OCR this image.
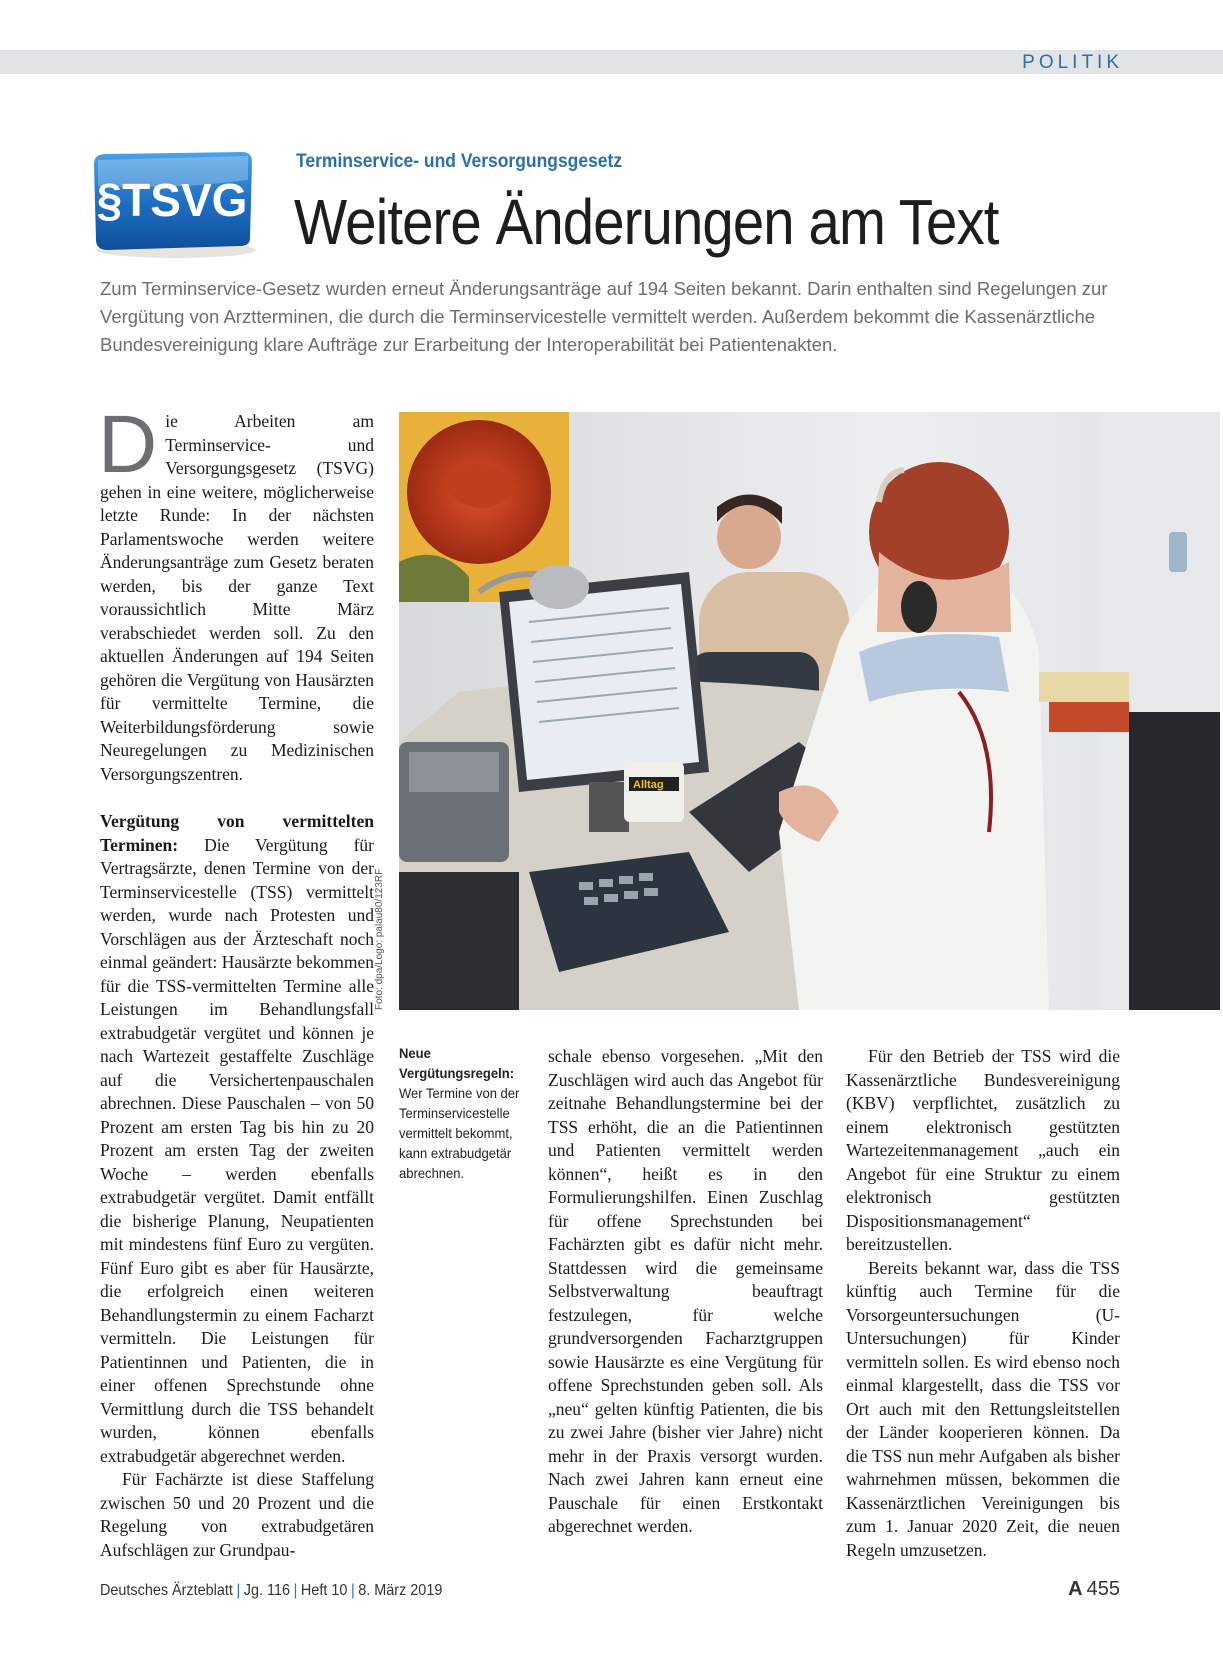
POLITIK
§TSVG
Terminservice- und Versorgungsgesetz
Weitere Änderungen am Text
Zum Terminservice-Gesetz wurden erneut Änderungsanträge auf 194 Seiten bekannt. Darin enthalten sind Regelungen zur Vergütung von Arztterminen, die durch die Terminservicestelle vermittelt werden. Außerdem bekommt die Kassenärztliche Bundesvereinigung klare Aufträge zur Erarbeitung der Interoperabilität bei Patientenakten.

Die Arbeiten am Terminservice- und Versorgungsgesetz (TSVG) gehen in eine weitere, möglicherweise letzte Runde: In der nächsten Parlamentswoche werden weitere Änderungsanträge zum Gesetz beraten werden, bis der ganze Text voraussichtlich Mitte März verabschiedet werden soll. Zu den aktuellen Änderungen auf 194 Seiten gehören die Vergütung von Hausärzten für vermittelte Termine, die Weiterbildungsförderung sowie Neuregelungen zu Medizinischen Versorgungszentren.

Vergütung von vermittelten Terminen: Die Vergütung für Vertragsärzte, denen Termine von der Terminservicestelle (TSS) vermittelt werden, wurde nach Protesten und Vorschlägen aus der Ärzteschaft noch einmal geändert: Hausärzte bekommen für die TSS-vermittelten Termine alle Leistungen im Behandlungsfall extrabudgetär vergütet und können je nach Wartezeit gestaffelte Zuschläge auf die Versichertenpauschalen abrechnen. Diese Pauschalen – von 50 Prozent am ersten Tag bis hin zu 20 Prozent am ersten Tag der zweiten Woche – werden ebenfalls extrabudgetär vergütet. Damit entfällt die bisherige Planung, Neupatienten mit mindestens fünf Euro zu vergüten. Fünf Euro gibt es aber für Hausärzte, die erfolgreich einen weiteren Behandlungstermin zu einem Facharzt vermitteln. Die Leistungen für Patientinnen und Patienten, die in einer offenen Sprechstunde ohne Vermittlung durch die TSS behandelt wurden, können ebenfalls extrabudgetär abgerechnet werden.

Für Fachärzte ist diese Staffelung zwischen 50 und 20 Prozent und die Regelung von extrabudgetären Aufschlägen zur Grundpau-

Alltag
Foto: dpa/Logo: palau80/123RF
Neue Vergütungsregeln: Wer Termine von der Terminservicestelle vermittelt bekommt, kann extrabudgetär abrechnen.

schale ebenso vorgesehen. „Mit den Zuschlägen wird auch das Angebot für zeitnahe Behandlungstermine bei der TSS erhöht, die an die Patientinnen und Patienten vermittelt werden können“, heißt es in den Formulierungshilfen. Einen Zuschlag für offene Sprechstunden bei Fachärzten gibt es dafür nicht mehr. Stattdessen wird die gemeinsame Selbstverwaltung beauftragt festzulegen, für welche grundversorgenden Facharztgruppen sowie Hausärzte es eine Vergütung für offene Sprechstunden geben soll. Als „neu“ gelten künftig Patienten, die bis zu zwei Jahre (bisher vier Jahre) nicht mehr in der Praxis versorgt wurden. Nach zwei Jahren kann erneut eine Pauschale für einen Erstkontakt abgerechnet werden.

Für den Betrieb der TSS wird die Kassenärztliche Bundesvereinigung (KBV) verpflichtet, zusätzlich zu einem elektronisch gestützten Wartezeitenmanagement „auch ein Angebot für eine Struktur zu einem elektronisch gestützten Dispositionsmanagement“ bereitzustellen.

Bereits bekannt war, dass die TSS künftig auch Termine für die Vorsorgeuntersuchungen (U-Untersuchungen) für Kinder vermitteln sollen. Es wird ebenso noch einmal klargestellt, dass die TSS vor Ort auch mit den Rettungsleitstellen der Länder kooperieren können. Da die TSS nun mehr Aufgaben als bisher wahrnehmen müssen, bekommen die Kassenärztlichen Vereinigungen bis zum 1. Januar 2020 Zeit, die neuen Regeln umzusetzen.

Deutsches Ärzteblatt | Jg. 116 | Heft 10 | 8. März 2019	A  455
